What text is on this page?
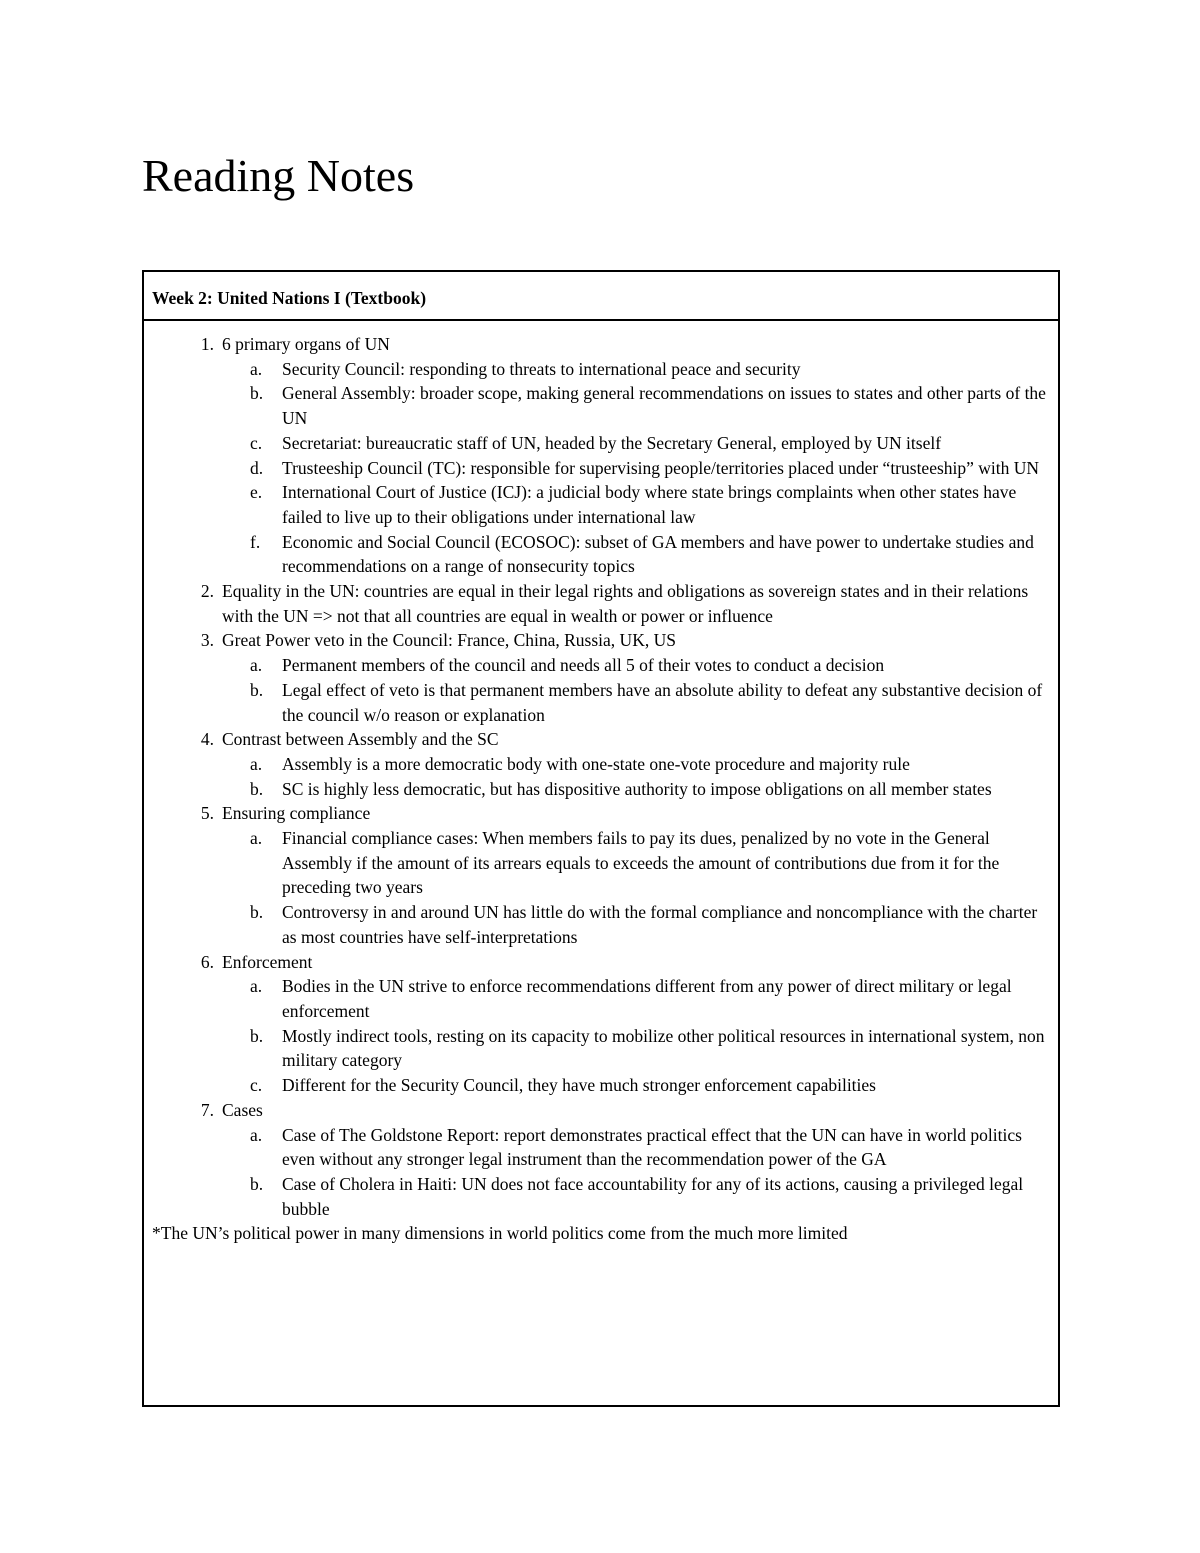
Reading Notes
Week 2: United Nations I (Textbook)
1. 6 primary organs of UN
a.	Security Council: responding to threats to international peace and security
b.	General Assembly: broader scope, making general recommendations on issues to states and other parts of the UN
c.	Secretariat: bureaucratic staff of UN, headed by the Secretary General, employed by UN itself
d.	Trusteeship Council (TC): responsible for supervising people/territories placed under “trusteeship” with UN
e.	International Court of Justice (ICJ): a judicial body where state brings complaints when other states have failed to live up to their obligations under international law
f.	Economic and Social Council (ECOSOC): subset of GA members and have power to undertake studies and recommendations on a range of nonsecurity topics
2. Equality in the UN: countries are equal in their legal rights and obligations as sovereign states and in their relations with the UN => not that all countries are equal in wealth or power or influence
3. Great Power veto in the Council: France, China, Russia, UK, US
a.	Permanent members of the council and needs all 5 of their votes to conduct a decision
b.	Legal effect of veto is that permanent members have an absolute ability to defeat any substantive decision of the council w/o reason or explanation
4. Contrast between Assembly and the SC
a.	Assembly is a more democratic body with one-state one-vote procedure and majority rule
b.	SC is highly less democratic, but has dispositive authority to impose obligations on all member states
5. Ensuring compliance
a.	Financial compliance cases: When members fails to pay its dues, penalized by no vote in the General Assembly if the amount of its arrears equals to exceeds the amount of contributions due from it for the preceding two years
b.	Controversy in and around UN has little do with the formal compliance and noncompliance with the charter as most countries have self-interpretations
6. Enforcement
a.	Bodies in the UN strive to enforce recommendations different from any power of direct military or legal enforcement
b.	Mostly indirect tools, resting on its capacity to mobilize other political resources in international system, non military category
c.	Different for the Security Council, they have much stronger enforcement capabilities
7. Cases
a.	Case of The Goldstone Report: report demonstrates practical effect that the UN can have in world politics even without any stronger legal instrument than the recommendation power of the GA
b.	Case of Cholera in Haiti: UN does not face accountability for any of its actions, causing a privileged legal bubble
*The UN’s political power in many dimensions in world politics come from the much more limited
